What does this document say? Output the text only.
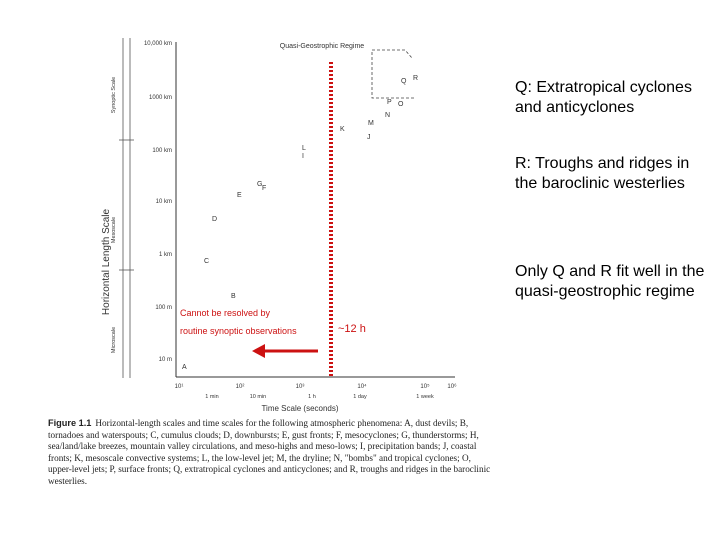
Horizontal Length Scale
Synoptic Scale
Mesoscale
Microscale
10,000 km
1000 km
100 km
10 km
1 km
100 m
10 m
10¹	10²	10³	10⁴	10⁵	10⁶
1 min	10 min	1 h	1 day	1 week
Time Scale (seconds)
Quasi-Geostrophic Regime
R
Q
P
N
O
M
L
J
K
I
G
F
E
D
C
B
A
Cannot be resolved by
routine synoptic observations	~12 h
Figure 1.1 Horizontal-length scales and time scales for the following atmospheric phenomena: A, dust devils; B, tornadoes and waterspouts; C, cumulus clouds; D, downbursts; E, gust fronts; F, mesocyclones; G, thunderstorms; H, sea/land/lake breezes, mountain valley circulations, and meso-highs and meso-lows; I, precipitation bands; J, coastal fronts; K, mesoscale convective systems; L, the low-level jet; M, the dryline; N, "bombs" and tropical cyclones; O, upper-level jets; P, surface fronts; Q, extratropical cyclones and anticyclones; and R, troughs and ridges in the baroclinic westerlies.

Q: Extratropical cyclones and anticyclones

R: Troughs and ridges in the baroclinic westerlies

Only Q and R fit well in the quasi-geostrophic regime
